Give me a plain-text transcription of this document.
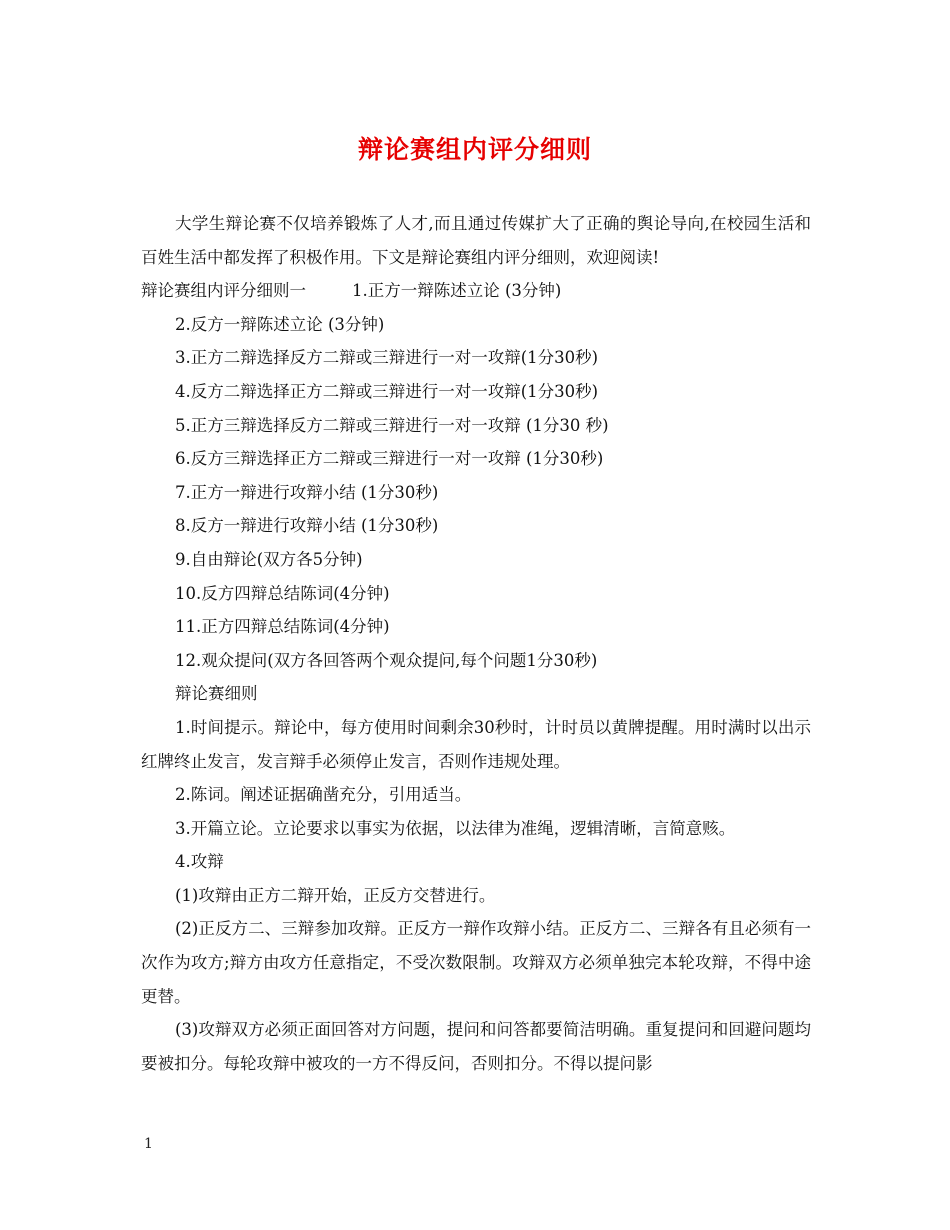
辩论赛组内评分细则

大学生辩论赛不仅培养锻炼了人才,而且通过传媒扩大了正确的舆论导向,在校园生活和百姓生活中都发挥了积极作用。下文是辩论赛组内评分细则，欢迎阅读!

辩论赛组内评分细则一	1.正方一辩陈述立论 (3分钟)

2.反方一辩陈述立论 (3分钟)

3.正方二辩选择反方二辩或三辩进行一对一攻辩(1分30秒)

4.反方二辩选择正方二辩或三辩进行一对一攻辩(1分30秒)

5.正方三辩选择反方二辩或三辩进行一对一攻辩 (1分30 秒)

6.反方三辩选择正方二辩或三辩进行一对一攻辩 (1分30秒)

7.正方一辩进行攻辩小结 (1分30秒)

8.反方一辩进行攻辩小结 (1分30秒)

9.自由辩论(双方各5分钟)

10.反方四辩总结陈词(4分钟)

11.正方四辩总结陈词(4分钟)

12.观众提问(双方各回答两个观众提问,每个问题1分30秒)

辩论赛细则

1.时间提示。辩论中，每方使用时间剩余30秒时，计时员以黄牌提醒。用时满时以出示红牌终止发言，发言辩手必须停止发言，否则作违规处理。

2.陈词。阐述证据确凿充分，引用适当。

3.开篇立论。立论要求以事实为依据，以法律为准绳，逻辑清晰，言简意赅。

4.攻辩

(1)攻辩由正方二辩开始，正反方交替进行。

(2)正反方二、三辩参加攻辩。正反方一辩作攻辩小结。正反方二、三辩各有且必须有一次作为攻方;辩方由攻方任意指定，不受次数限制。攻辩双方必须单独完本轮攻辩，不得中途更替。

(3)攻辩双方必须正面回答对方问题，提问和问答都要简洁明确。重复提问和回避问题均要被扣分。每轮攻辩中被攻的一方不得反问，否则扣分。不得以提问影

1
